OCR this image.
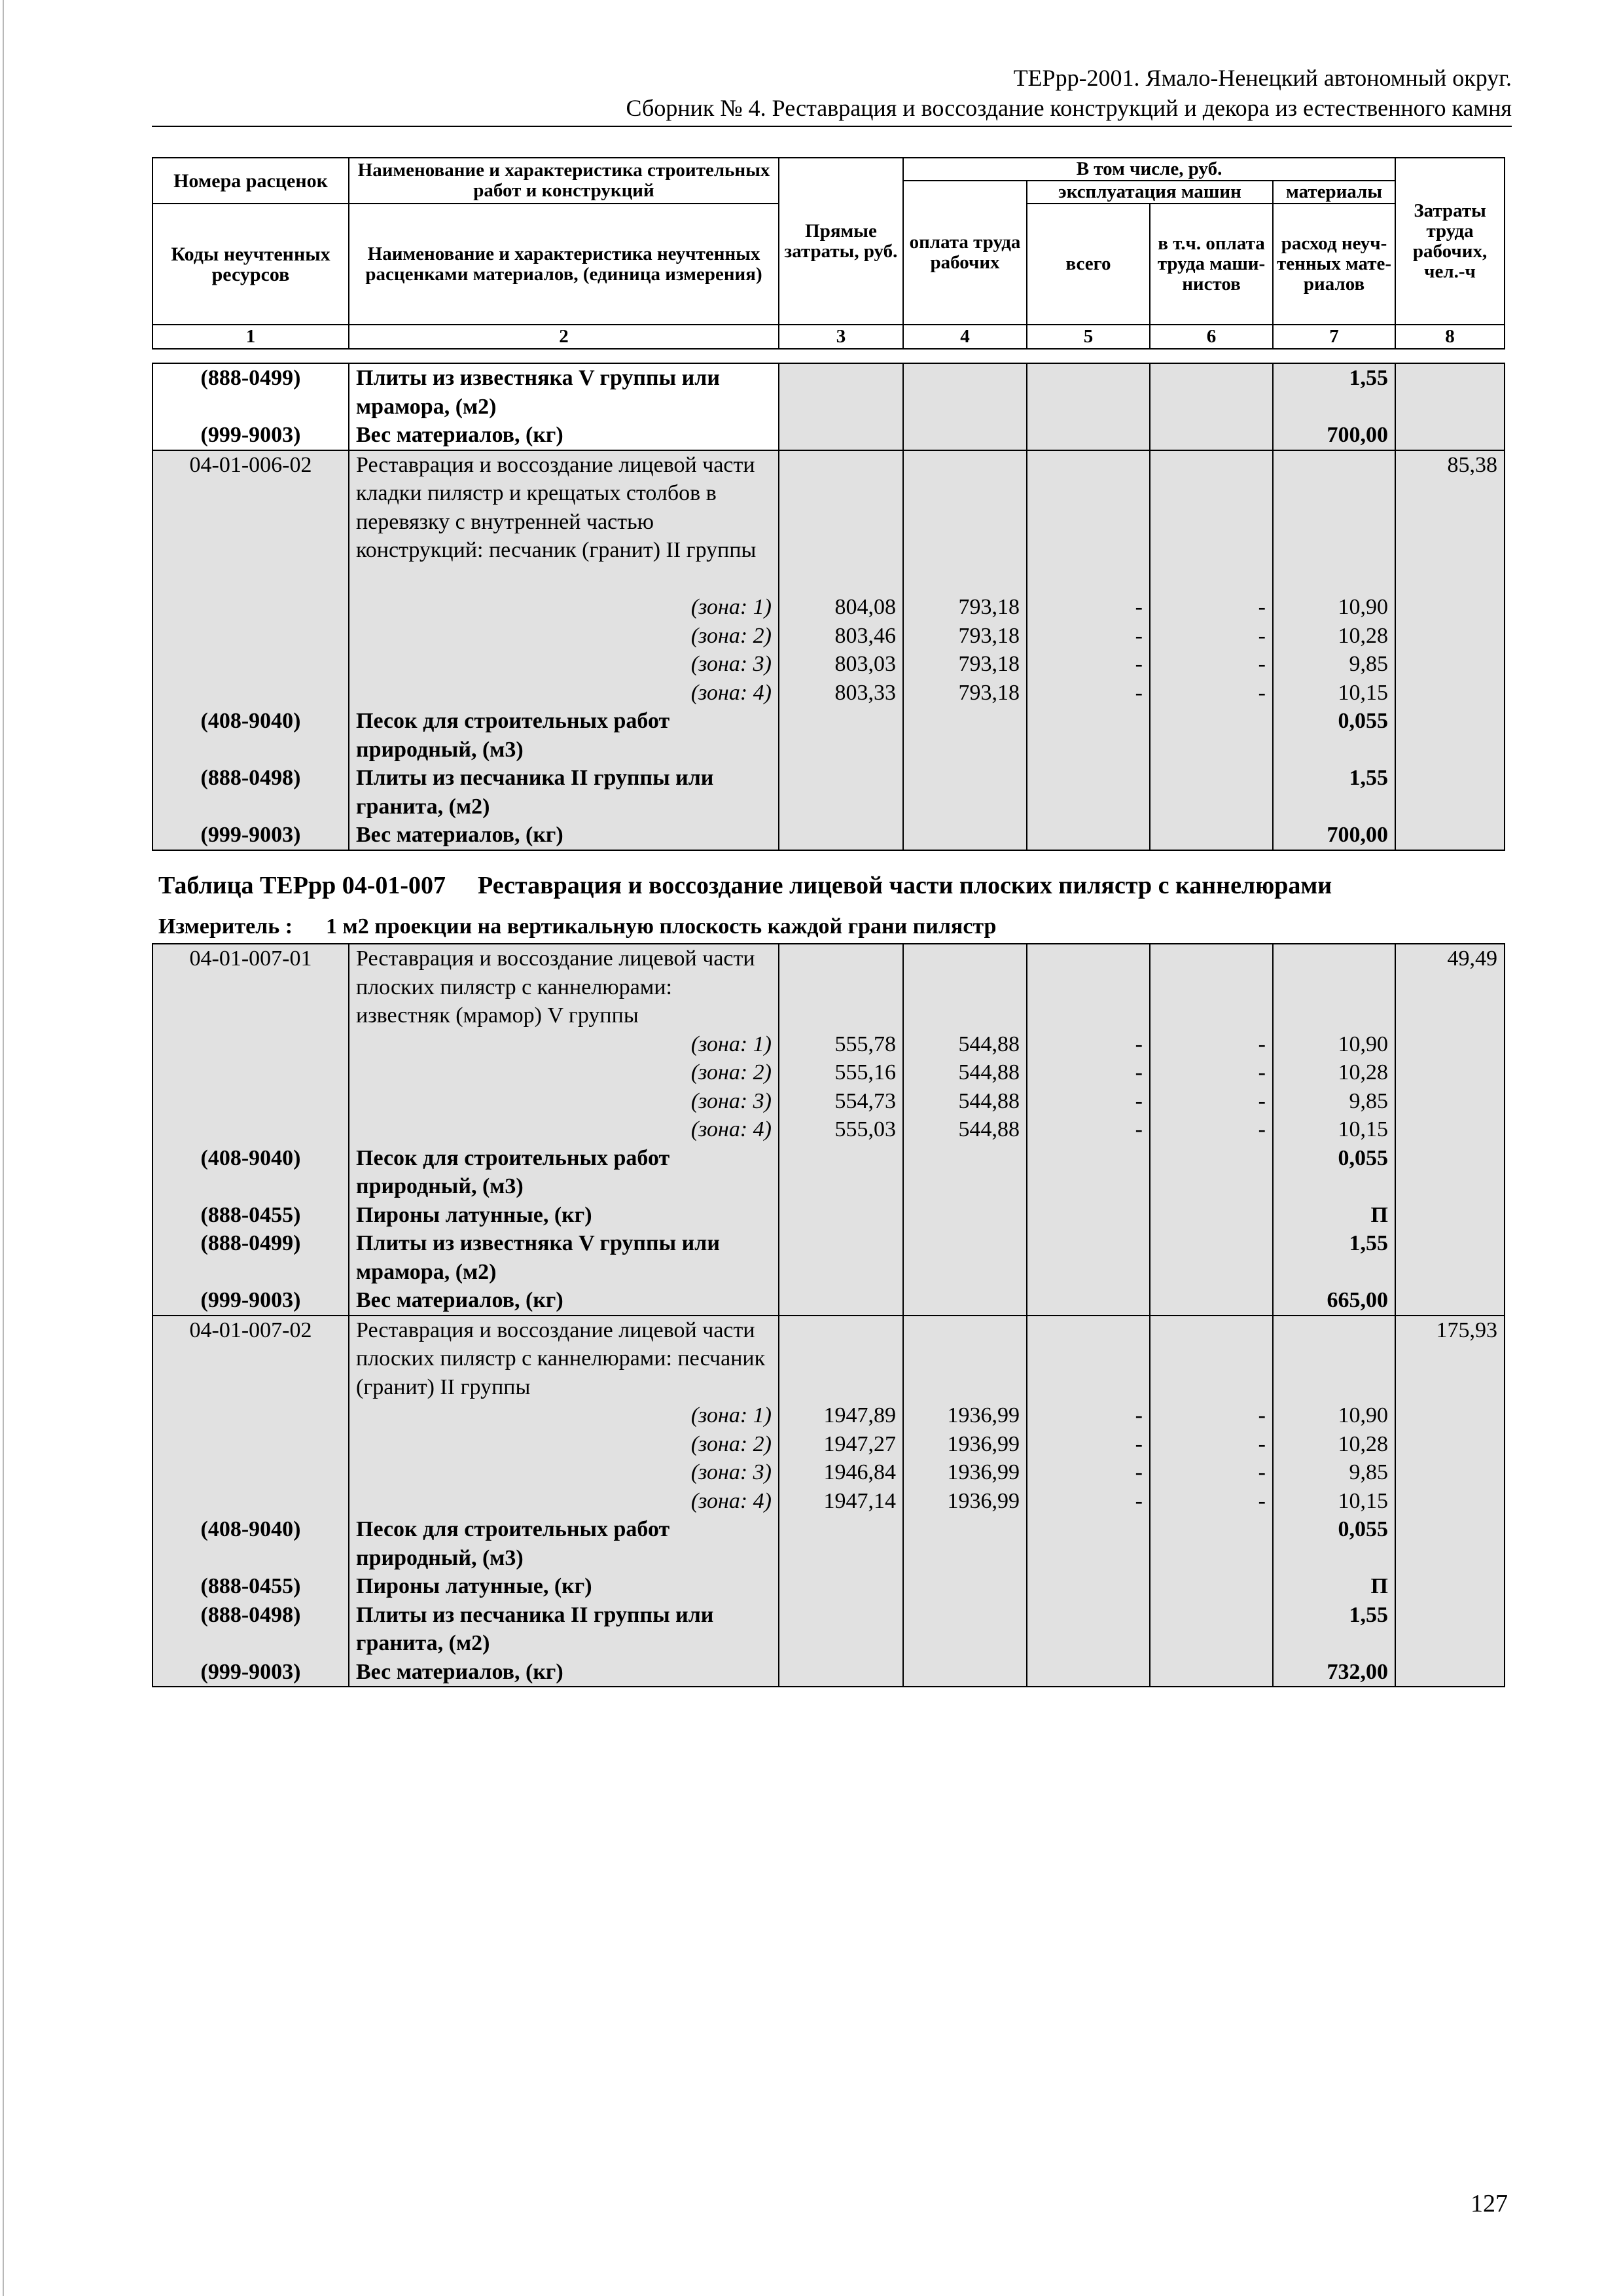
ТЕРрр-2001. Ямало-Ненецкий автономный округ.
Сборник № 4. Реставрация и воссоздание конструкций и декора из естественного камня
Номера расценок	Наименование и характеристика строительных работ и конструкций	Прямые затраты, руб.	В том числе, руб.				Затраты труда рабочих, чел.-ч
			оплата труда рабочих	эксплуатация машин		материалы	
Коды неучтенных ресурсов	Наименование и характеристика неучтенных расценками материалов, (единица измерения)			всего	в т.ч. оплата труда маши- нистов	расход неуч- тенных мате- риалов	

1	2	3	4	5	6	7	8
(888-0499)	Плиты из известняка V группы или мрамора, (м2)					1,55	

(999-9003)	Вес материалов, (кг)					700,00	
04-01-006-02	Реставрация и воссоздание лицевой части кладки пилястр и крещатых столбов в перевязку с внутренней частью конструкций: песчаник (гранит) II группы						85,38

	(зона: 1)	804,08	793,18	-	-	10,90	

	(зона: 2)	803,46	793,18	-	-	10,28	

	(зона: 3)	803,03	793,18	-	-	9,85	

	(зона: 4)	803,33	793,18	-	-	10,15	
(408-9040)	Песок для строительных работ природный, (м3)					0,055	

(888-0498)	Плиты из песчаника II группы или гранита, (м2)					1,55	

(999-9003)	Вес материалов, (кг)					700,00	
Таблица ТЕРрр 04-01-007 Реставрация и воссоздание лицевой части плоских пилястр с каннелюрами
Измеритель : 1 м2 проекции на вертикальную плоскость каждой грани пилястр
04-01-007-01	Реставрация и воссоздание лицевой части плоских пилястр с каннелюрами: известняк (мрамор) V группы						49,49

	(зона: 1)	555,78	544,88	-	-	10,90	

	(зона: 2)	555,16	544,88	-	-	10,28	

	(зона: 3)	554,73	544,88	-	-	9,85	

	(зона: 4)	555,03	544,88	-	-	10,15	
(408-9040)	Песок для строительных работ природный, (м3)					0,055	

(888-0455)	Пироны латунные, (кг)					П	
(888-0499)	Плиты из известняка V группы или мрамора, (м2)					1,55	

(999-9003)	Вес материалов, (кг)					665,00	
04-01-007-02	Реставрация и воссоздание лицевой части плоских пилястр с каннелюрами: песчаник (гранит) II группы						175,93

	(зона: 1)	1947,89	1936,99	-	-	10,90	

	(зона: 2)	1947,27	1936,99	-	-	10,28	

	(зона: 3)	1946,84	1936,99	-	-	9,85	

	(зона: 4)	1947,14	1936,99	-	-	10,15	
(408-9040)	Песок для строительных работ природный, (м3)					0,055	

(888-0455)	Пироны латунные, (кг)					П	
(888-0498)	Плиты из песчаника II группы или гранита, (м2)					1,55	

(999-9003)	Вес материалов, (кг)					732,00	
127
